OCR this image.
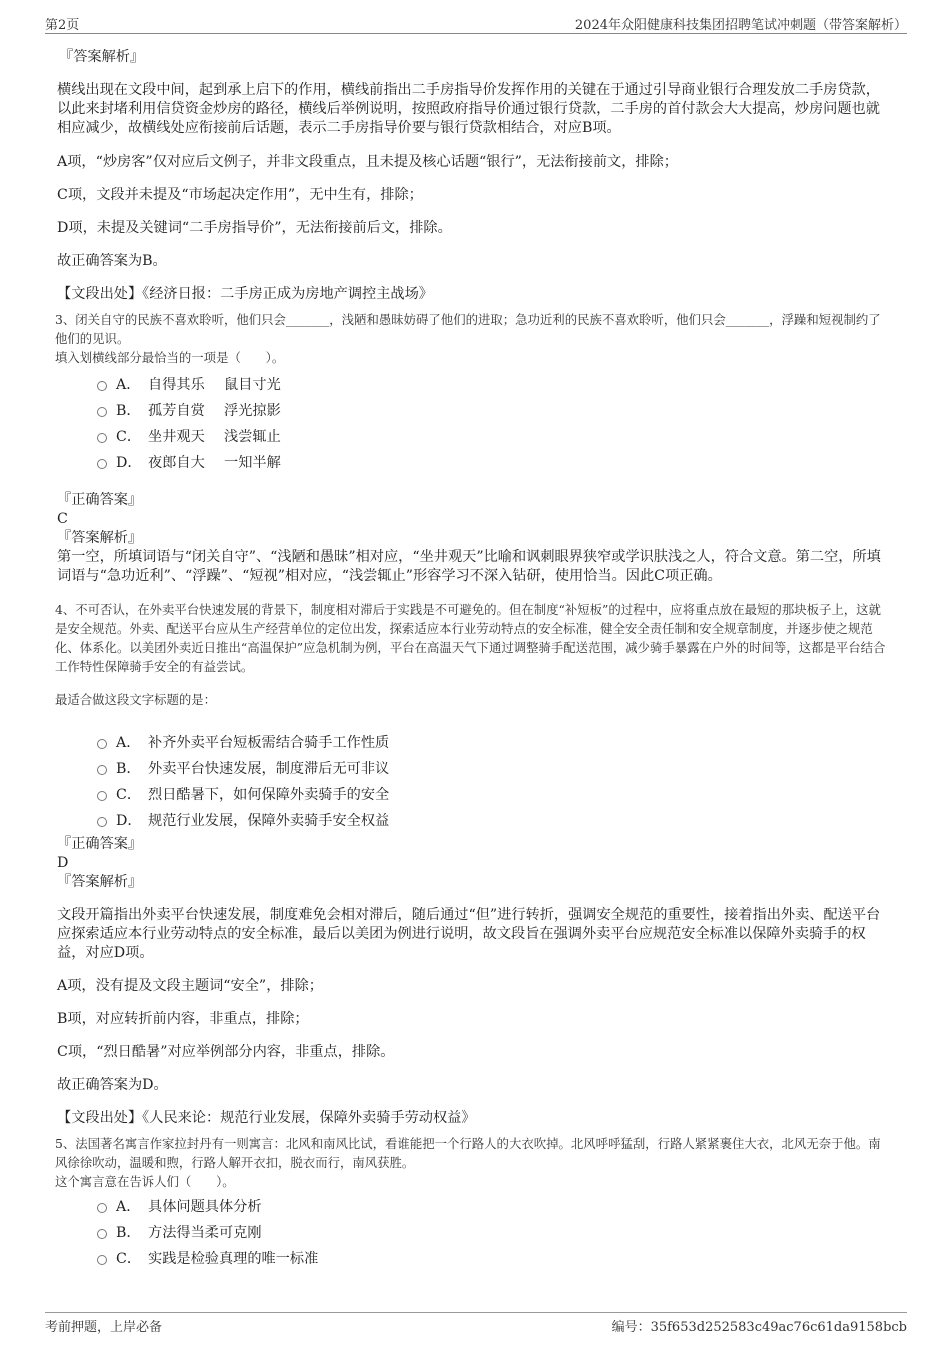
第2页	2024年众阳健康科技集团招聘笔试冲刺题（带答案解析）
『答案解析』
横线出现在文段中间，起到承上启下的作用，横线前指出二手房指导价发挥作用的关键在于通过引导商业银行合理发放二手房贷款，以此来封堵利用信贷资金炒房的路径，横线后举例说明，按照政府指导价通过银行贷款，二手房的首付款会大大提高，炒房问题也就相应减少，故横线处应衔接前后话题，表示二手房指导价要与银行贷款相结合，对应B项。
A项，“炒房客”仅对应后文例子，并非文段重点，且未提及核心话题“银行”，无法衔接前文，排除；
C项，文段并未提及“市场起决定作用”，无中生有，排除；
D项，未提及关键词“二手房指导价”，无法衔接前后文，排除。
故正确答案为B。
【文段出处】《经济日报：二手房正成为房地产调控主战场》
3、闭关自守的民族不喜欢聆听，他们只会_______，浅陋和愚昧妨碍了他们的进取；急功近利的民族不喜欢聆听，他们只会_______，浮躁和短视制约了他们的见识。
填入划横线部分最恰当的一项是（　　）。
A． 自得其乐	鼠目寸光
B． 孤芳自赏	浮光掠影
C． 坐井观天	浅尝辄止
D． 夜郎自大	一知半解
『正确答案』
C
『答案解析』
第一空，所填词语与“闭关自守”、“浅陋和愚昧”相对应，“坐井观天”比喻和讽刺眼界狭窄或学识肤浅之人，符合文意。第二空，所填词语与“急功近利”、“浮躁”、“短视”相对应，“浅尝辄止”形容学习不深入钻研，使用恰当。因此C项正确。
4、不可否认，在外卖平台快速发展的背景下，制度相对滞后于实践是不可避免的。但在制度“补短板”的过程中，应将重点放在最短的那块板子上，这就是安全规范。外卖、配送平台应从生产经营单位的定位出发，探索适应本行业劳动特点的安全标准，健全安全责任制和安全规章制度，并逐步使之规范化、体系化。以美团外卖近日推出“高温保护”应急机制为例，平台在高温天气下通过调整骑手配送范围，减少骑手暴露在户外的时间等，这都是平台结合工作特性保障骑手安全的有益尝试。
最适合做这段文字标题的是：
A． 补齐外卖平台短板需结合骑手工作性质
B． 外卖平台快速发展，制度滞后无可非议
C． 烈日酷暑下，如何保障外卖骑手的安全
D． 规范行业发展，保障外卖骑手安全权益
『正确答案』
D
『答案解析』
文段开篇指出外卖平台快速发展，制度难免会相对滞后，随后通过“但”进行转折，强调安全规范的重要性，接着指出外卖、配送平台应探索适应本行业劳动特点的安全标准，最后以美团为例进行说明，故文段旨在强调外卖平台应规范安全标准以保障外卖骑手的权益，对应D项。
A项，没有提及文段主题词“安全”，排除；
B项，对应转折前内容，非重点，排除；
C项，“烈日酷暑”对应举例部分内容，非重点，排除。
故正确答案为D。
【文段出处】《人民来论：规范行业发展，保障外卖骑手劳动权益》
5、法国著名寓言作家拉封丹有一则寓言：北风和南风比试，看谁能把一个行路人的大衣吹掉。北风呼呼猛刮，行路人紧紧裹住大衣，北风无奈于他。南风徐徐吹动，温暖和煦，行路人解开衣扣，脱衣而行，南风获胜。
这个寓言意在告诉人们（　　）。
A． 具体问题具体分析
B． 方法得当柔可克刚
C． 实践是检验真理的唯一标准
考前押题，上岸必备	编号：35f653d252583c49ac76c61da9158bcb
